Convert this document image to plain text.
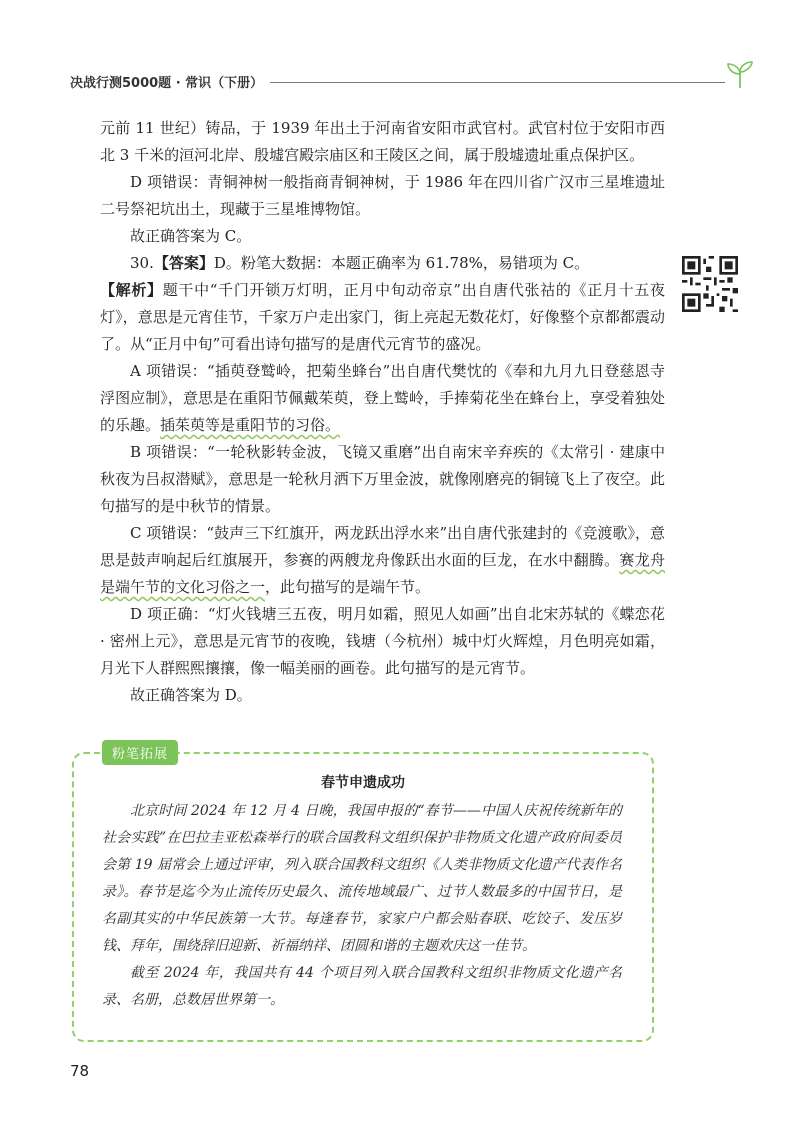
决战行测5000题 · 常识（下册）

元前 11 世纪）铸品，于 1939 年出土于河南省安阳市武官村。武官村位于安阳市西北 3 千米的洹河北岸、殷墟宫殿宗庙区和王陵区之间，属于殷墟遗址重点保护区。

D 项错误：青铜神树一般指商青铜神树，于 1986 年在四川省广汉市三星堆遗址二号祭祀坑出土，现藏于三星堆博物馆。

故正确答案为 C。

30.【答案】D。粉笔大数据：本题正确率为 61.78%，易错项为 C。

【解析】题干中“千门开锁万灯明，正月中旬动帝京”出自唐代张祜的《正月十五夜灯》，意思是元宵佳节，千家万户走出家门，街上亮起无数花灯，好像整个京都都震动了。从“正月中旬”可看出诗句描写的是唐代元宵节的盛况。

A 项错误：“插萸登鹫岭，把菊坐蜂台”出自唐代樊忱的《奉和九月九日登慈恩寺浮图应制》，意思是在重阳节佩戴茱萸，登上鹫岭，手捧菊花坐在蜂台上，享受着独处的乐趣。插茱萸等是重阳节的习俗。

B 项错误：“一轮秋影转金波，飞镜又重磨”出自南宋辛弃疾的《太常引 · 建康中秋夜为吕叔潜赋》，意思是一轮秋月洒下万里金波，就像刚磨亮的铜镜飞上了夜空。此句描写的是中秋节的情景。

C 项错误：“鼓声三下红旗开，两龙跃出浮水来”出自唐代张建封的《竞渡歌》，意思是鼓声响起后红旗展开，参赛的两艘龙舟像跃出水面的巨龙，在水中翻腾。赛龙舟是端午节的文化习俗之一，此句描写的是端午节。

D 项正确：“灯火钱塘三五夜，明月如霜，照见人如画”出自北宋苏轼的《蝶恋花 · 密州上元》，意思是元宵节的夜晚，钱塘（今杭州）城中灯火辉煌，月色明亮如霜，月光下人群熙熙攘攘，像一幅美丽的画卷。此句描写的是元宵节。

故正确答案为 D。

粉笔拓展
春节申遗成功

北京时间 2024 年 12 月 4 日晚，我国申报的“春节——中国人庆祝传统新年的社会实践”在巴拉圭亚松森举行的联合国教科文组织保护非物质文化遗产政府间委员会第 19 届常会上通过评审，列入联合国教科文组织《人类非物质文化遗产代表作名录》。春节是迄今为止流传历史最久、流传地域最广、过节人数最多的中国节日，是名副其实的中华民族第一大节。每逢春节，家家户户都会贴春联、吃饺子、发压岁钱、拜年，围绕辞旧迎新、祈福纳祥、团圆和谐的主题欢庆这一佳节。

截至 2024 年，我国共有 44 个项目列入联合国教科文组织非物质文化遗产名录、名册，总数居世界第一。

78
